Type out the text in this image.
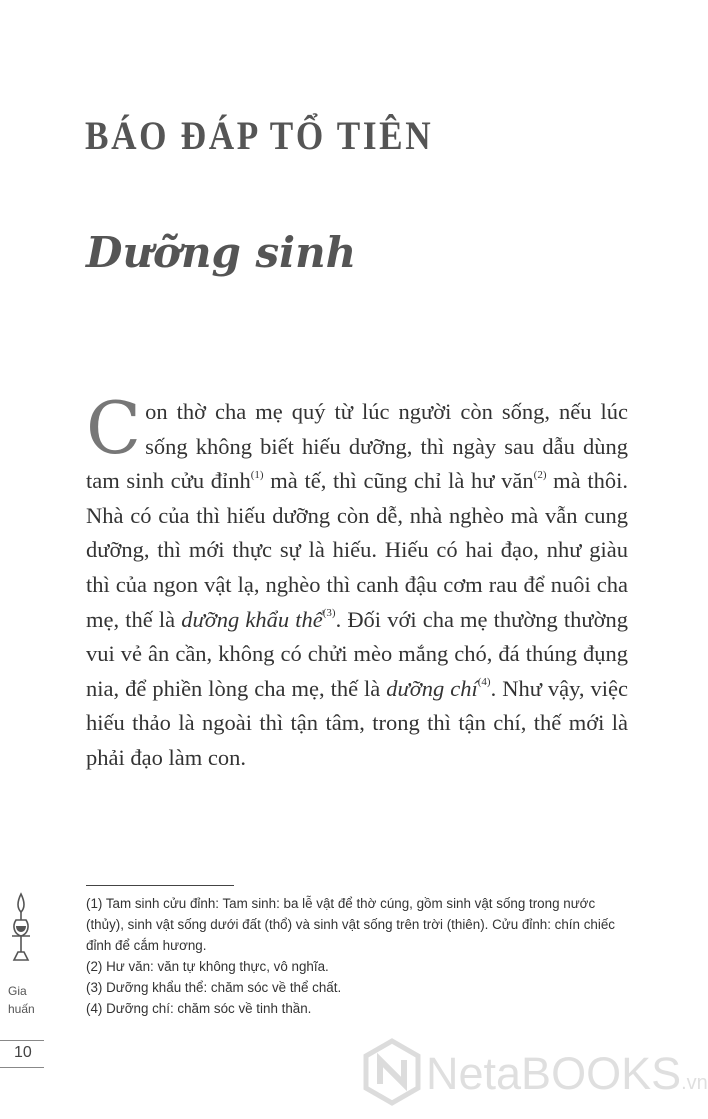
BÁO ĐÁP TỔ TIÊN
Dưỡng sinh
C on thờ cha mẹ quý từ lúc người còn sống, nếu lúc sống không biết hiếu dưỡng, thì ngày sau dẫu dùng tam sinh cửu đỉnh$^{(1)}$ mà tế, thì cũng chỉ là hư văn$^{(2)}$ mà thôi. Nhà có của thì hiếu dưỡng còn dễ, nhà nghèo mà vẫn cung dưỡng, thì mới thực sự là hiếu. Hiếu có hai đạo, như giàu thì của ngon vật lạ, nghèo thì canh đậu cơm rau để nuôi cha mẹ, thế là dưỡng khẩu thể$^{(3)}$. Đối với cha mẹ thường thường vui vẻ ân cần, không có chửi mèo mắng chó, đá thúng đụng nia, để phiền lòng cha mẹ, thế là dưỡng chí$^{(4)}$. Như vậy, việc hiếu thảo là ngoài thì tận tâm, trong thì tận chí, thế mới là phải đạo làm con.

(1) Tam sinh cửu đỉnh: Tam sinh: ba lễ vật để thờ cúng, gồm sinh vật sống trong nước (thủy), sinh vật sống dưới đất (thổ) và sinh vật sống trên trời (thiên). Cửu đỉnh: chín chiếc đỉnh để cắm hương.

(2) Hư văn: văn tự không thực, vô nghĩa.

(3) Dưỡng khẩu thể: chăm sóc về thể chất.

(4) Dưỡng chí: chăm sóc về tinh thần.

Gia
huấn
10	NetaBOOKS.vn
